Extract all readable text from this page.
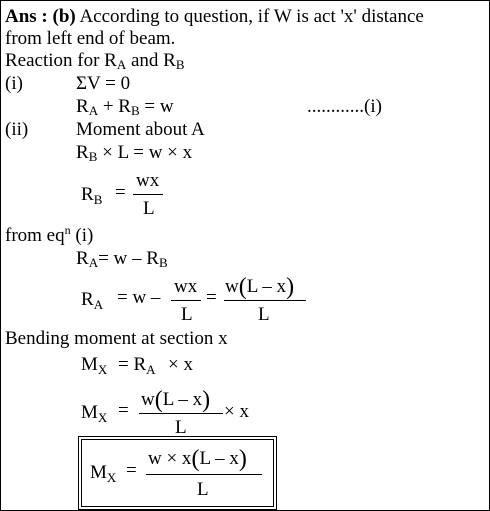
Ans : (b) According to question, if W is act 'x' distance
from left end of beam.
Reaction for $R_A$ and $R_B$
(i)	ΣV = 0
$R_A + R_B = w$	............(i)
(ii)	Moment about A
$R_B \times L = w \times x$
$R_B$ =
wx
L
from $eq^n$ (i)
$R_A= w - R_B$
$R_A = w$ –
wx
L
=
w(L – x)
L
Bending moment at section x
$M_X = R_A \times x$
$M_X$ =
w(L – x)
L
× x
$M_X$ =
w × x(L – x)
L
